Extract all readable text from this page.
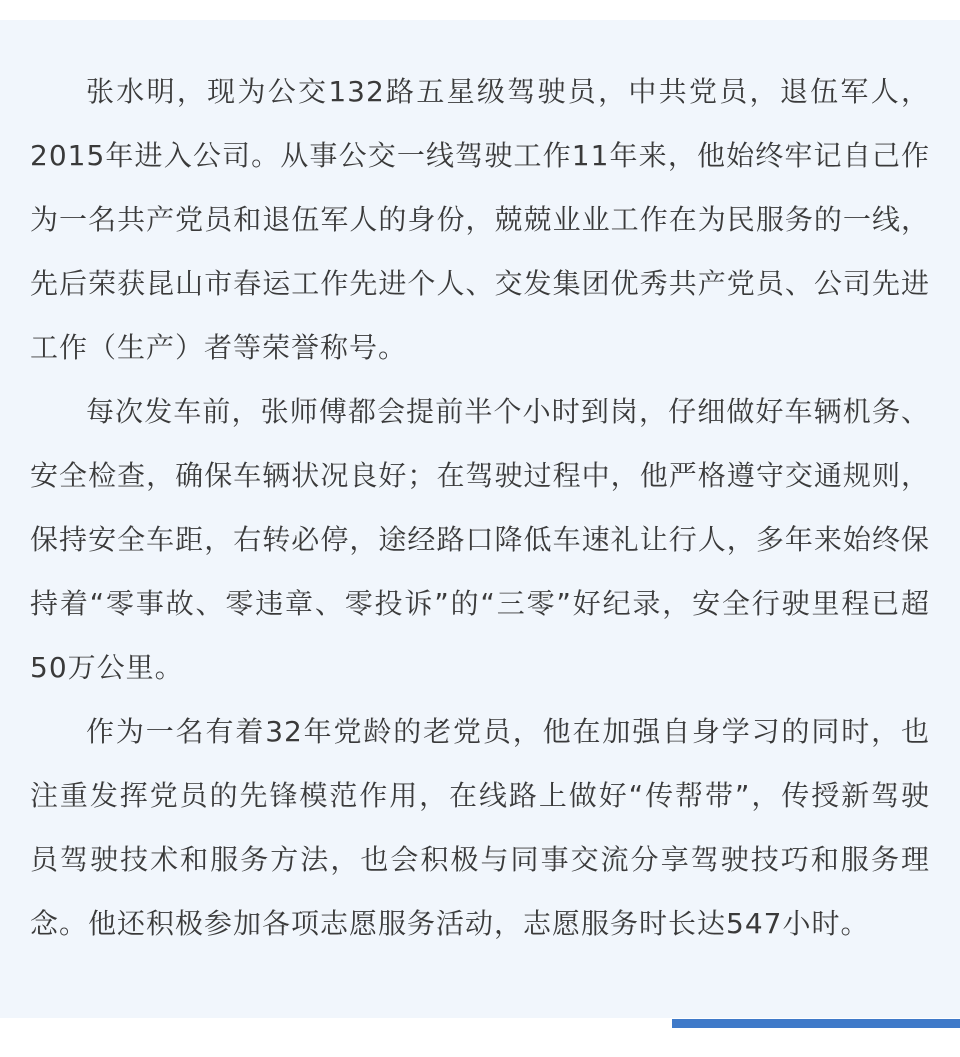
张水明，现为公交132路五星级驾驶员，中共党员，退伍军人，2015年进入公司。从事公交一线驾驶工作11年来，他始终牢记自己作为一名共产党员和退伍军人的身份，兢兢业业工作在为民服务的一线，先后荣获昆山市春运工作先进个人、交发集团优秀共产党员、公司先进工作（生产）者等荣誉称号。

每次发车前，张师傅都会提前半个小时到岗，仔细做好车辆机务、安全检查，确保车辆状况良好；在驾驶过程中，他严格遵守交通规则，保持安全车距，右转必停，途经路口降低车速礼让行人，多年来始终保持着“零事故、零违章、零投诉”的“三零”好纪录，安全行驶里程已超50万公里。

作为一名有着32年党龄的老党员，他在加强自身学习的同时，也注重发挥党员的先锋模范作用，在线路上做好“传帮带”，传授新驾驶员驾驶技术和服务方法，也会积极与同事交流分享驾驶技巧和服务理念。他还积极参加各项志愿服务活动，志愿服务时长达547小时。
